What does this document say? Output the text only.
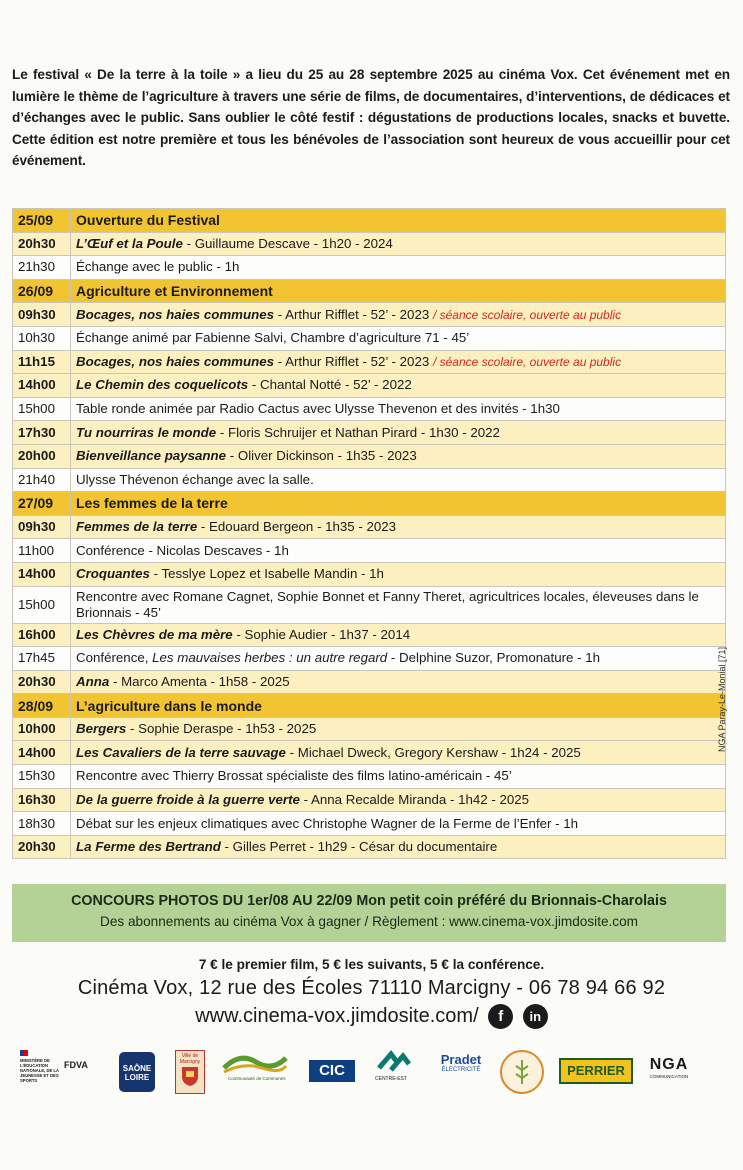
Le festival « De la terre à la toile » a lieu du 25 au 28 septembre 2025 au cinéma Vox. Cet événement met en lumière le thème de l’agriculture à travers une série de films, de documentaires, d’interventions, de dédicaces et d’échanges avec le public. Sans oublier le côté festif : dégustations de productions locales, snacks et buvette. Cette édition est notre première et tous les bénévoles de l’association sont heureux de vous accueillir pour cet événement.
25/09	Ouverture du Festival
20h30	L’Œuf et la Poule - Guillaume Descave - 1h20 - 2024
21h30	Échange avec le public - 1h
26/09	Agriculture et Environnement
09h30	Bocages, nos haies communes - Arthur Rifflet - 52’ - 2023 / séance scolaire, ouverte au public
10h30	Échange animé par Fabienne Salvi, Chambre d’agriculture 71 - 45’
11h15	Bocages, nos haies communes - Arthur Rifflet - 52’ - 2023 / séance scolaire, ouverte au public
14h00	Le Chemin des coquelicots - Chantal Notté - 52’ - 2022
15h00	Table ronde animée par Radio Cactus avec Ulysse Thevenon et des invités - 1h30
17h30	Tu nourriras le monde - Floris Schruijer et Nathan Pirard - 1h30 - 2022
20h00	Bienveillance paysanne - Oliver Dickinson - 1h35 - 2023
21h40	Ulysse Thévenon échange avec la salle.
27/09	Les femmes de la terre
09h30	Femmes de la terre - Edouard Bergeon - 1h35 - 2023
11h00	Conférence - Nicolas Descaves - 1h
14h00	Croquantes - Tesslye Lopez et Isabelle Mandin - 1h
15h00	Rencontre avec Romane Cagnet, Sophie Bonnet et Fanny Theret, agricultrices locales, éleveuses dans le Brionnais - 45’
16h00	Les Chèvres de ma mère - Sophie Audier - 1h37 - 2014
17h45	Conférence, Les mauvaises herbes : un autre regard - Delphine Suzor, Promonature - 1h
20h30	Anna - Marco Amenta - 1h58 - 2025
28/09	L’agriculture dans le monde
10h00	Bergers - Sophie Deraspe - 1h53 - 2025
14h00	Les Cavaliers de la terre sauvage - Michael Dweck, Gregory Kershaw - 1h24 - 2025
15h30	Rencontre avec Thierry Brossat spécialiste des films latino-américain - 45’
16h30	De la guerre froide à la guerre verte - Anna Recalde Miranda - 1h42 - 2025
18h30	Débat sur les enjeux climatiques avec Christophe Wagner de la Ferme de l’Enfer - 1h
20h30	La Ferme des Bertrand - Gilles Perret - 1h29 - César du documentaire
CONCOURS PHOTOS DU 1er/08 AU 22/09 Mon petit coin préféré du Brionnais-Charolais
Des abonnements au cinéma Vox à gagner / Règlement : www.cinema-vox.jimdosite.com
7 € le premier film, 5 € les suivants, 5 € la conférence.
Cinéma Vox, 12 rue des Écoles 71110 Marcigny - 06 78 94 66 92
www.cinema-vox.jimdosite.com/ f in
NGA Paray-Le-Monial [71]
MINISTÈRE DE L’ÉDUCATION NATIONALE, DE LA JEUNESSE ET DES SPORTS
FDVA	SAÔNE
LOIRE
Ville de Marcigny
Communauté de Communes	CIC	CENTRE-EST
Pradet
ÉLECTRICITÉ	PERRIER	NGA
COMMUNICATION
